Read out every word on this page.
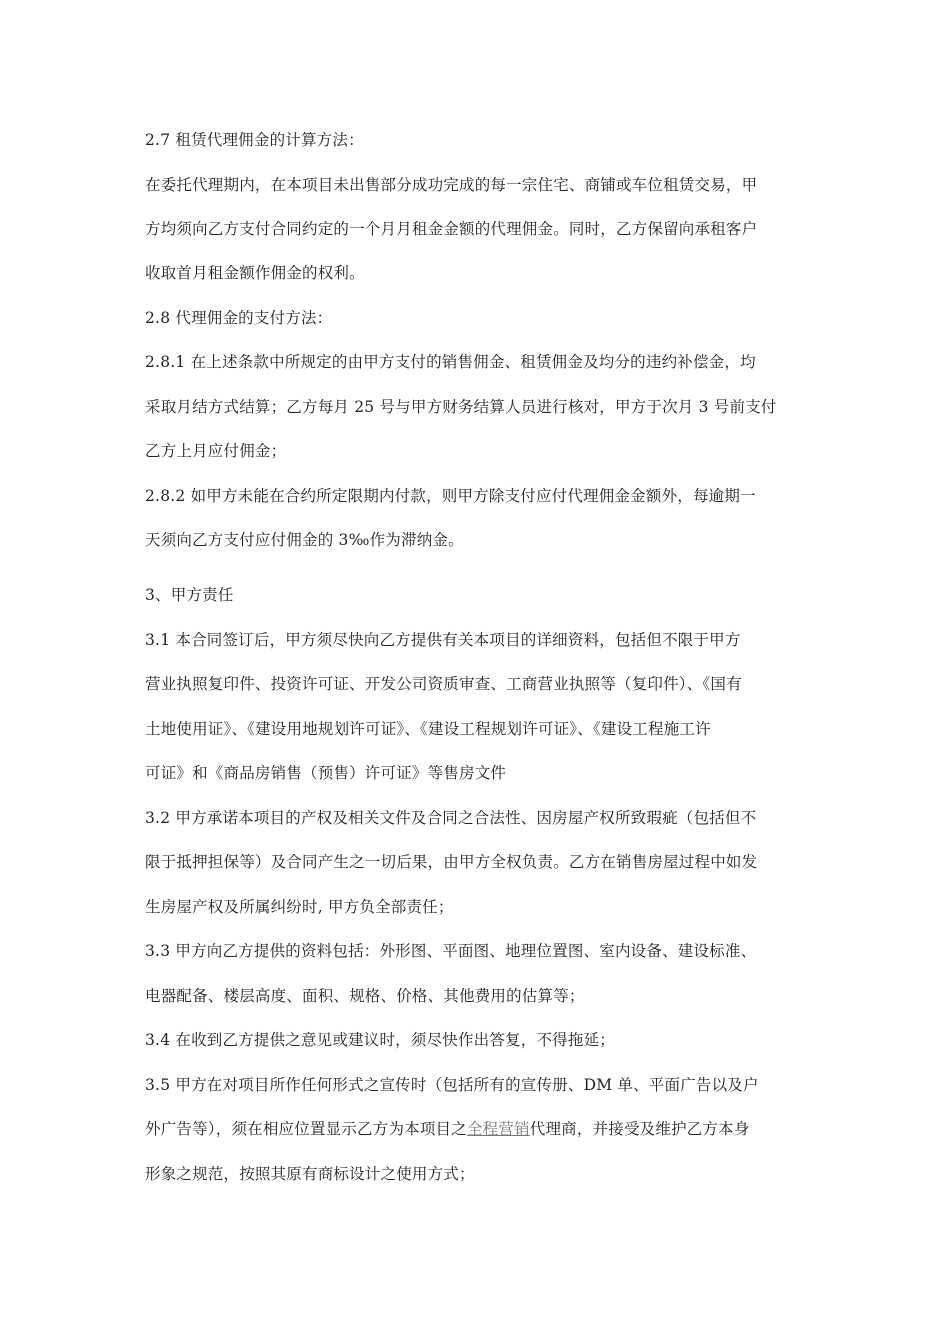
2.7 租赁代理佣金的计算方法：
在委托代理期内，在本项目未出售部分成功完成的每一宗住宅、商铺或车位租赁交易，甲
方均须向乙方支付合同约定的一个月月租金金额的代理佣金。同时，乙方保留向承租客户
收取首月租金额作佣金的权利。
2.8 代理佣金的支付方法：
2.8.1 在上述条款中所规定的由甲方支付的销售佣金、租赁佣金及均分的违约补偿金，均
采取月结方式结算；乙方每月 25 号与甲方财务结算人员进行核对，甲方于次月 3 号前支付
乙方上月应付佣金；
2.8.2 如甲方未能在合约所定限期内付款，则甲方除支付应付代理佣金金额外，每逾期一
天须向乙方支付应付佣金的 3‰作为滞纳金。
3、甲方责任
3.1 本合同签订后，甲方须尽快向乙方提供有关本项目的详细资料，包括但不限于甲方
营业执照复印件、投资许可证、开发公司资质审查、工商营业执照等（复印件）、《国有
土地使用证》、《建设用地规划许可证》、《建设工程规划许可证》、《建设工程施工许
可证》和《商品房销售（预售）许可证》等售房文件
3.2 甲方承诺本项目的产权及相关文件及合同之合法性、因房屋产权所致瑕疵（包括但不
限于抵押担保等）及合同产生之一切后果，由甲方全权负责。乙方在销售房屋过程中如发
生房屋产权及所属纠纷时, 甲方负全部责任；
3.3 甲方向乙方提供的资料包括：外形图、平面图、地理位置图、室内设备、建设标准、
电器配备、楼层高度、面积、规格、价格、其他费用的估算等；
3.4 在收到乙方提供之意见或建议时，须尽快作出答复，不得拖延；
3.5 甲方在对项目所作任何形式之宣传时（包括所有的宣传册、DM 单、平面广告以及户
外广告等），须在相应位置显示乙方为本项目之全程营销代理商，并接受及维护乙方本身
形象之规范，按照其原有商标设计之使用方式；
